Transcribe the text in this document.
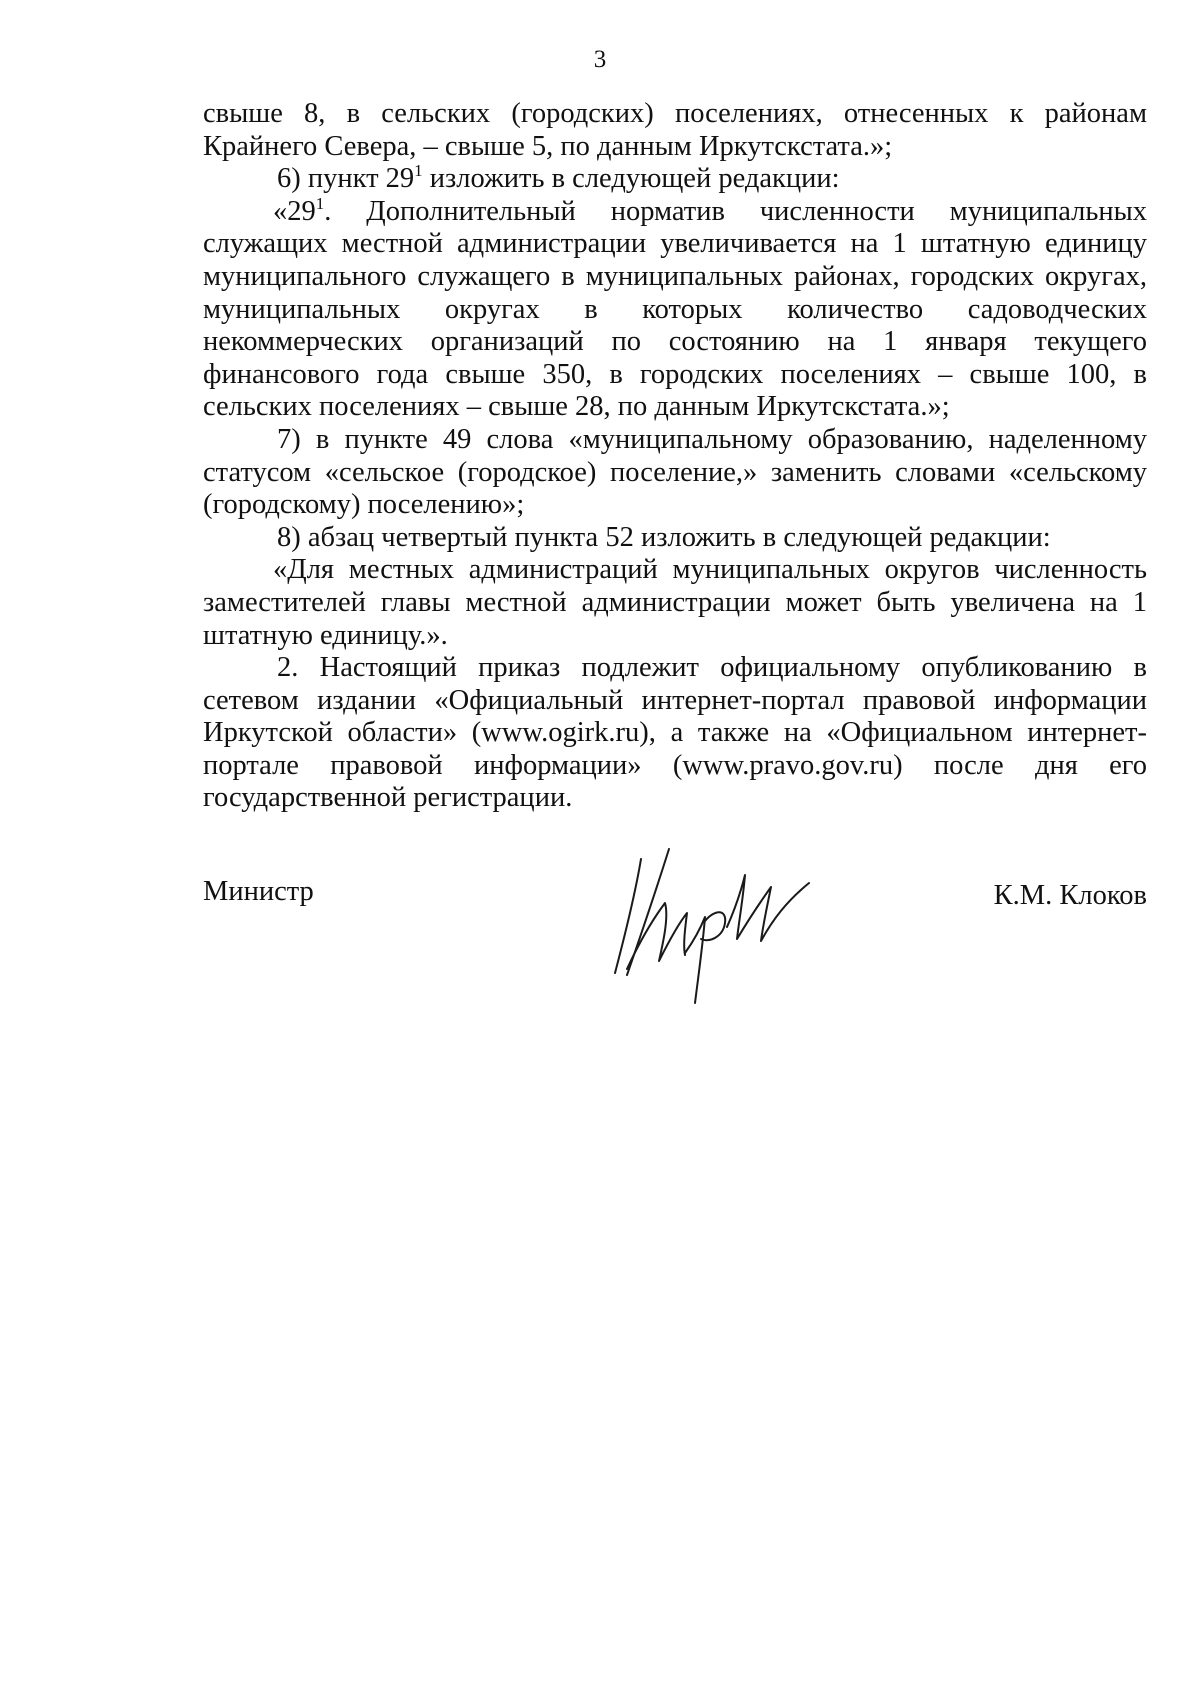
3

свыше 8, в сельских (городских) поселениях, отнесенных к районам Крайнего Севера, – свыше 5, по данным Иркутскстата.»;

6) пункт $29^1$ изложить в следующей редакции:

«$29^1$. Дополнительный норматив численности муниципальных служащих местной администрации увеличивается на 1 штатную единицу муниципального служащего в муниципальных районах, городских округах, муниципальных округах в которых количество садоводческих некоммерческих организаций по состоянию на 1 января текущего финансового года свыше 350, в городских поселениях – свыше 100, в сельских поселениях – свыше 28, по данным Иркутскстата.»;

7) в пункте 49 слова «муниципальному образованию, наделенному статусом «сельское (городское) поселение,» заменить словами «сельскому (городскому) поселению»;

8) абзац четвертый пункта 52 изложить в следующей редакции:

«Для местных администраций муниципальных округов численность заместителей главы местной администрации может быть увеличена на 1 штатную единицу.».

2. Настоящий приказ подлежит официальному опубликованию в сетевом издании «Официальный интернет-портал правовой информации Иркутской области» (www.ogirk.ru), а также на «Официальном интернет-портале правовой информации» (www.pravo.gov.ru) после дня его государственной регистрации.

Министр	К.М. Клоков
